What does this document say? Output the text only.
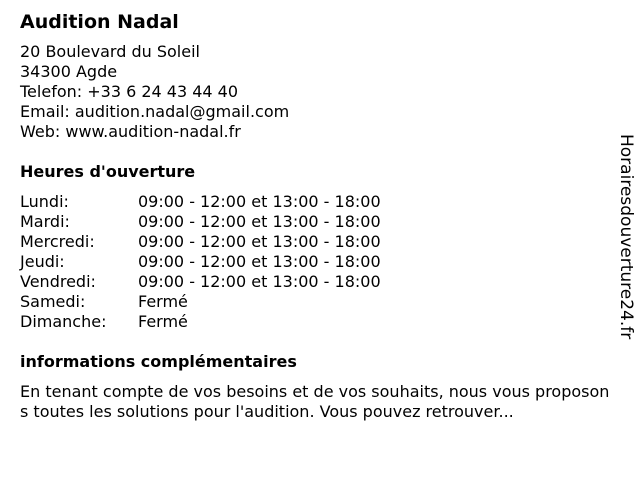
Audition Nadal
20 Boulevard du Soleil
34300 Agde
Telefon: +33 6 24 43 44 40
Email: audition.nadal@gmail.com
Web: www.audition-nadal.fr
Heures d'ouverture
Lundi:	09:00 - 12:00 et 13:00 - 18:00
Mardi:	09:00 - 12:00 et 13:00 - 18:00
Mercredi:	09:00 - 12:00 et 13:00 - 18:00
Jeudi:	09:00 - 12:00 et 13:00 - 18:00
Vendredi:	09:00 - 12:00 et 13:00 - 18:00
Samedi:	Fermé
Dimanche:	Fermé
informations complémentaires
En tenant compte de vos besoins et de vos souhaits, nous vous proposons toutes les solutions pour l'audition. Vous pouvez retrouver...
Horairesdouverture24.fr
